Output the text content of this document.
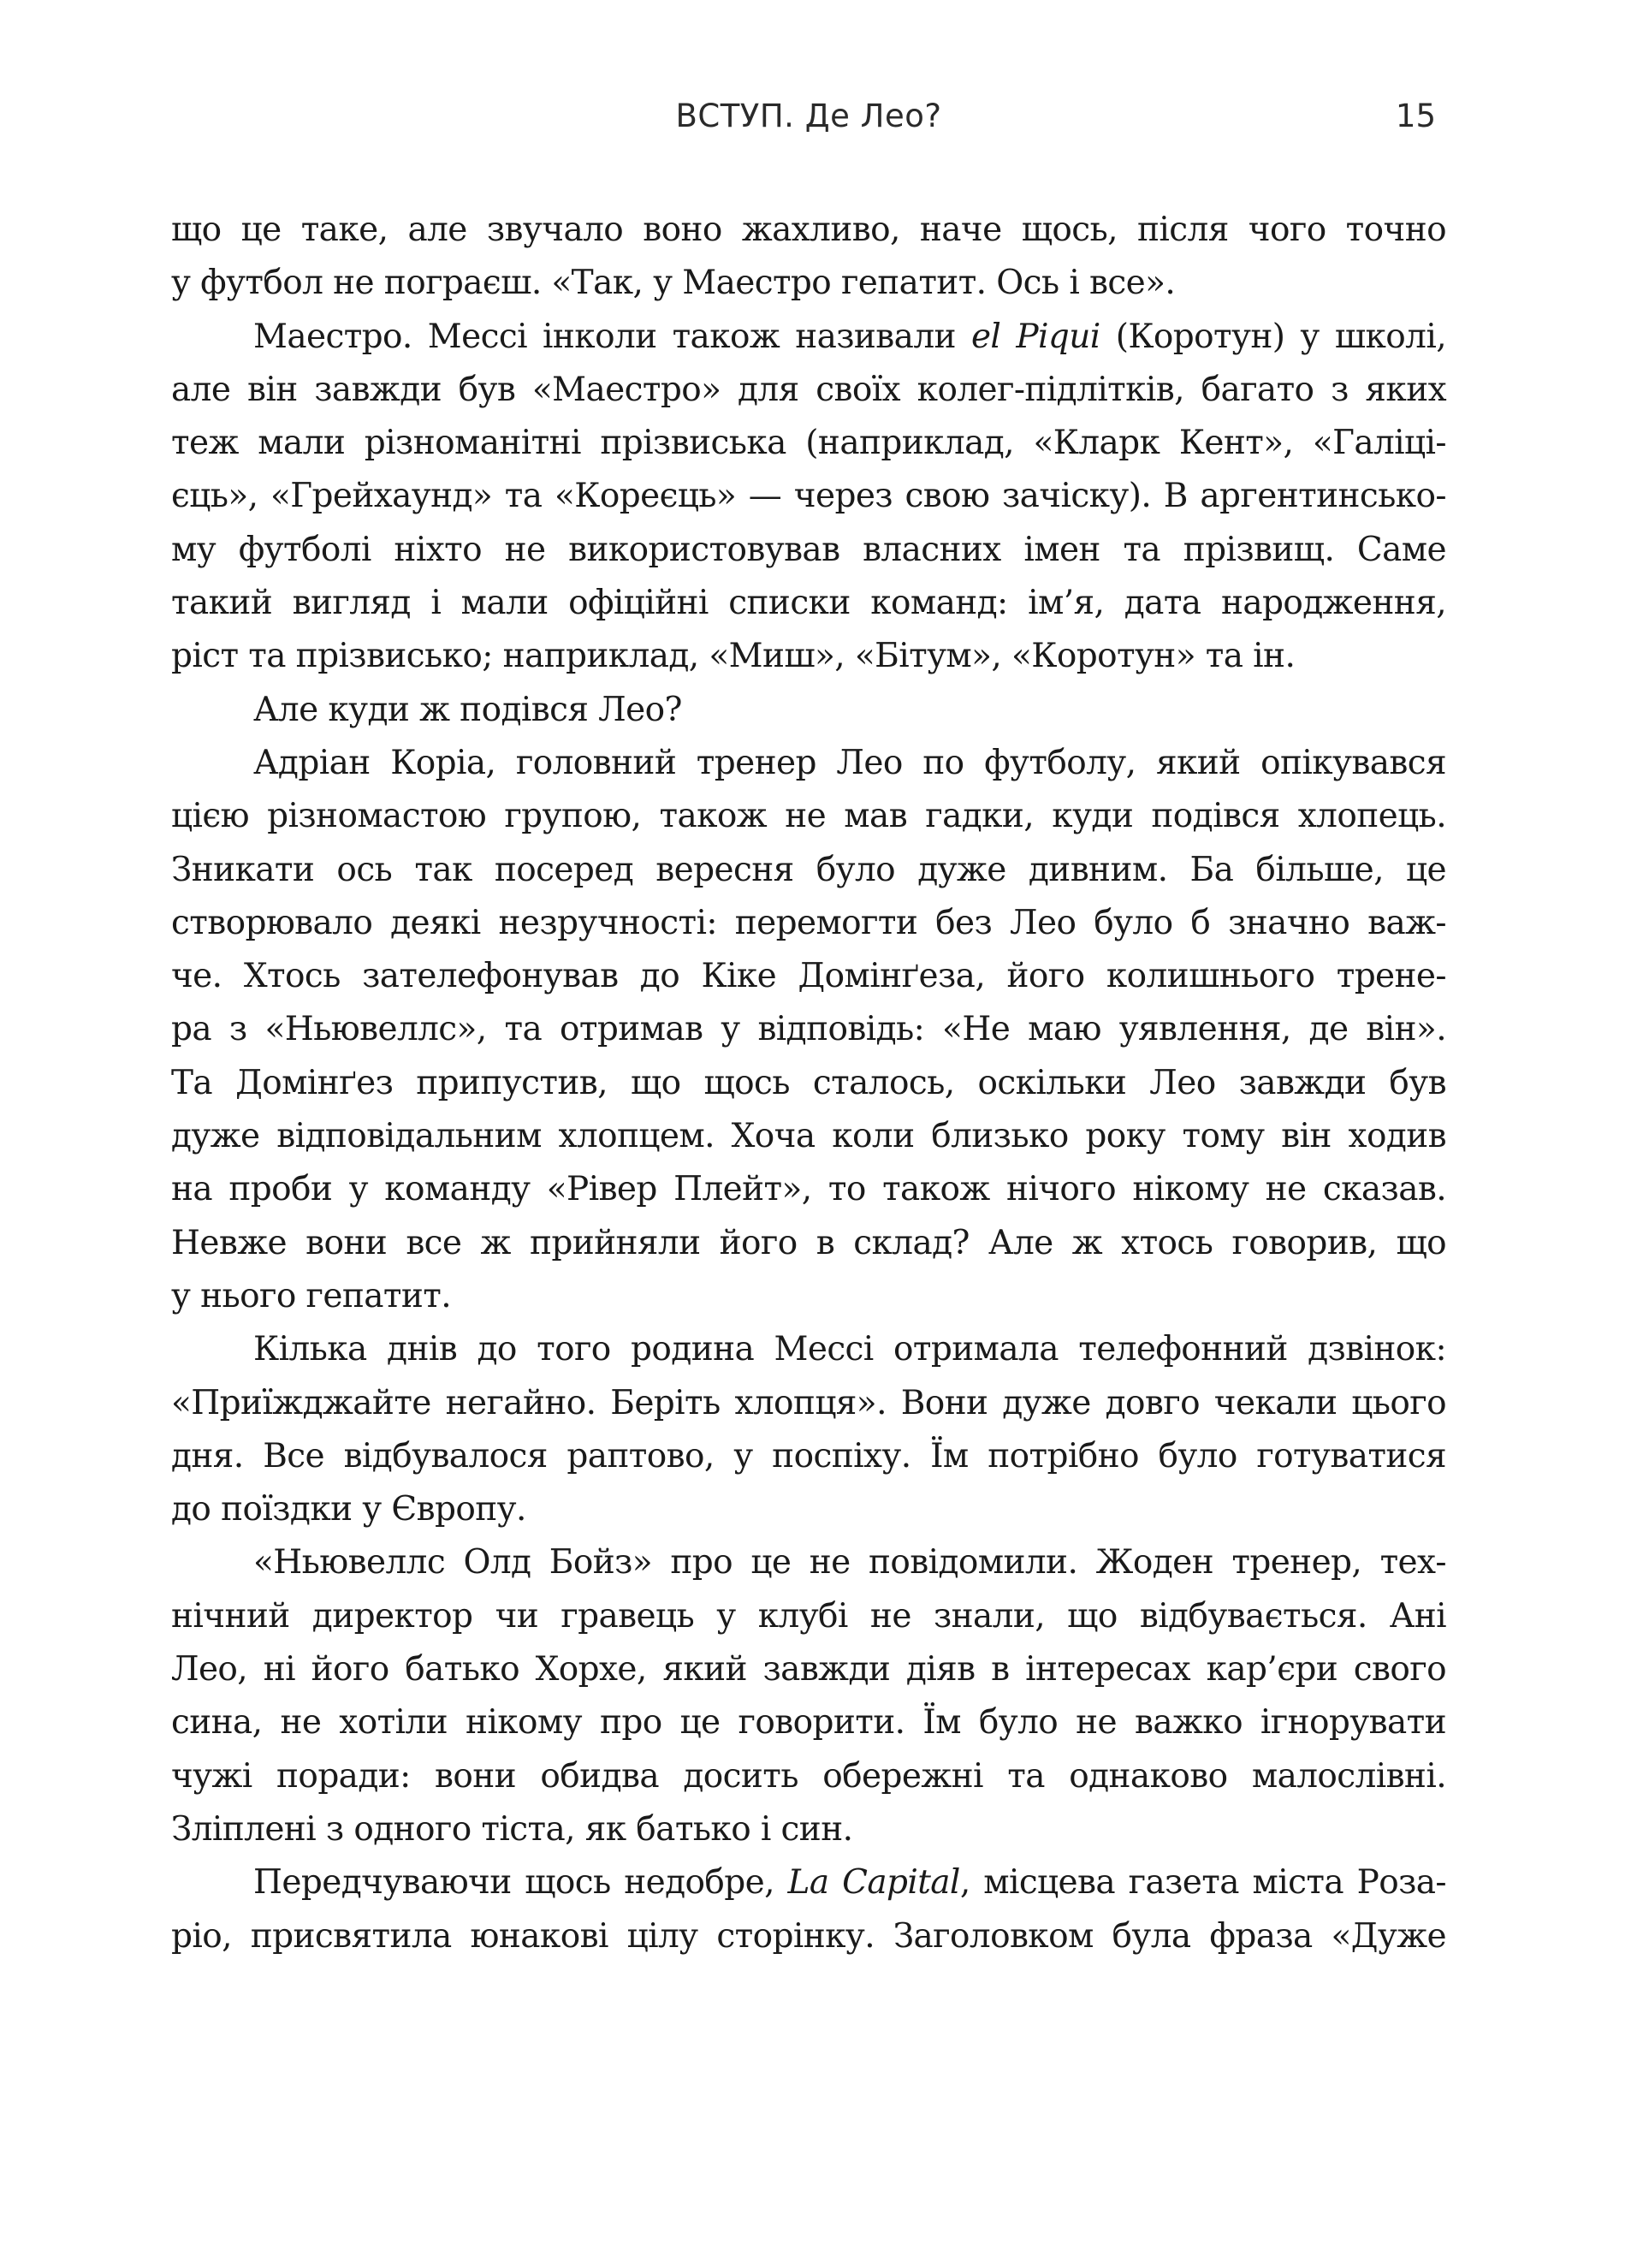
ВСТУП. Де Лео?	15
що це таке, але звучало воно жахливо, наче щось, після чого точно
у футбол не пограєш. «Так, у Маестро гепатит. Ось і все».
Маестро. Мессі інколи також називали el Piqui (Коротун) у школі,
але він завжди був «Маестро» для своїх колег-підлітків, багато з яких
теж мали різноманітні прізвиська (наприклад, «Кларк Кент», «Галіці-
єць», «Грейхаунд» та «Кореєць» — через свою зачіску). В аргентинсько-
му футболі ніхто не використовував власних імен та прізвищ. Саме
такий вигляд і мали офіційні списки команд: ім’я, дата народження,
ріст та прізвисько; наприклад, «Миш», «Бітум», «Коротун» та ін.
Але куди ж подівся Лео?
Адріан Коріа, головний тренер Лео по футболу, який опікувався
цією різномастою групою, також не мав гадки, куди подівся хлопець.
Зникати ось так посеред вересня було дуже дивним. Ба більше, це
створювало деякі незручності: перемогти без Лео було б значно важ-
че. Хтось зателефонував до Кіке Домінґеза, його колишнього трене-
ра з «Ньювеллс», та отримав у відповідь: «Не маю уявлення, де він».
Та Домінґез припустив, що щось сталось, оскільки Лео завжди був
дуже відповідальним хлопцем. Хоча коли близько року тому він ходив
на проби у команду «Рівер Плейт», то також нічого нікому не сказав.
Невже вони все ж прийняли його в склад? Але ж хтось говорив, що
у нього гепатит.
Кілька днів до того родина Мессі отримала телефонний дзвінок:
«Приїжджайте негайно. Беріть хлопця». Вони дуже довго чекали цього
дня. Все відбувалося раптово, у поспіху. Їм потрібно було готуватися
до поїздки у Європу.
«Ньювеллс Олд Бойз» про це не повідомили. Жоден тренер, тех-
нічний директор чи гравець у клубі не знали, що відбувається. Ані
Лео, ні його батько Хорхе, який завжди діяв в інтересах кар’єри свого
сина, не хотіли нікому про це говорити. Їм було не важко ігнорувати
чужі поради: вони обидва досить обережні та однаково малослівні.
Зліплені з одного тіста, як батько і син.
Передчуваючи щось недобре, La Capital, місцева газета міста Роза-
ріо, присвятила юнакові цілу сторінку. Заголовком була фраза «Дуже
